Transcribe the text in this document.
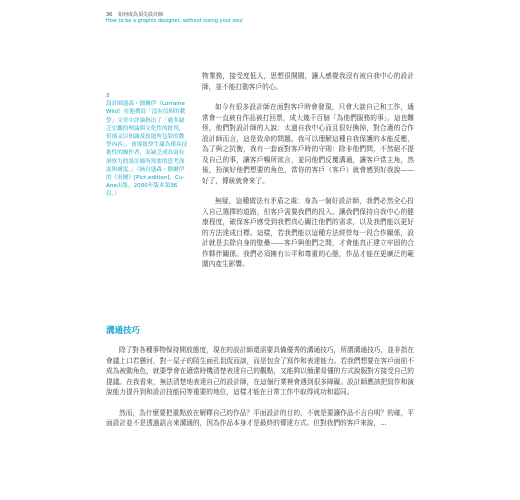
36 如何成為頂尖設計師
How to be a graphic designer, without losing your soul
3
設計師盛森・儒爾伊（Lorraine Wild）在他撰寫「沒有信仰的教學」文章中評論指出了「過多缺乏宏觀的理論與文化性的批判，但卻又以知識及技能所包裝的教學內容」，會導致學生淪為僅具技術性的操作者，而缺乏成為富有洞察力的設計師所需要的思考深度與廣度。」（摘自盛森・儒爾伊的《看圖》[Pict.edition]，Cu-Ane出版，2000年版本第36頁。）

物業務，接受度低人，思想很開闊，讓人感覺我沒有被自我中心的設計師，並不能打動客戶的心。

如今有很多設計師在面對客戶時會發現，只會大談自己和工作，通常會一直被自作品被打回票，成大幾千百個「為他們服務的事」。這也難怪，他們對設計師的人說：太過自我中心而且很好換掉，對合適的合作設計師而言，這是致命的問題。我可以理解這種自我保護的本能反應，為了與之抗衡，我有一套面對客戶時的守則：除非他們問，不然絕不提及自己的事，讓客戶暢所欲言，並同他們反覆溝通，讓客戶當主角，然後，扮演好他們想要的角色，當你的客戶（客戶）就會感到好我說——好了，傳統就會來了。

無疑，這種做法有矛盾之處：身為一個好設計師，我們必然全心投入自己選擇的道路，但客戶需要我們的投入。讓我們保持自我中心的健康程度，確保客戶感受到我們真心關注他們的需求，以及我們能以更好的方法達成目標。這樣，若我們能以這種方法經營每一段合作關係，設計就是去除自身的壁壘——客戶與他們之間，才會能真正建立牢固的合作夥伴關係。我們必須擁有公平和尊重的心態，作品才能在更廣泛的範圍內產生影響。

溝通技巧

除了對各種事物保持開放態度，現在的設計師還需要具備優秀的溝通技巧，所謂溝通技巧，並非指在會議上口若懸河，對一屋子的陌生面孔侃侃而談，而是包含了寫作和表達能力。若我們想要在客戶面前不成為被動角色，就要學會在適當時機清楚表達自己的觀點，又能夠以簡潔易懂的方式說服對方接受自己的提議。在我看來，無法清楚地表達自己的設計師，在這個行業裡會遇到很多障礙。設計師應該把寫作和演說能力提升到和設計技能同等重要的地位，這樣才能在日常工作中取得成功和認同。

然而，為什麼要把重點放在解釋自己的作品？平面設計的目的，不就是要讓作品不言自明？的確，平面設計並不是透過語言來溝通的，因為作品本身才是最終的傳達方式。但對我們的客戶來說，...
